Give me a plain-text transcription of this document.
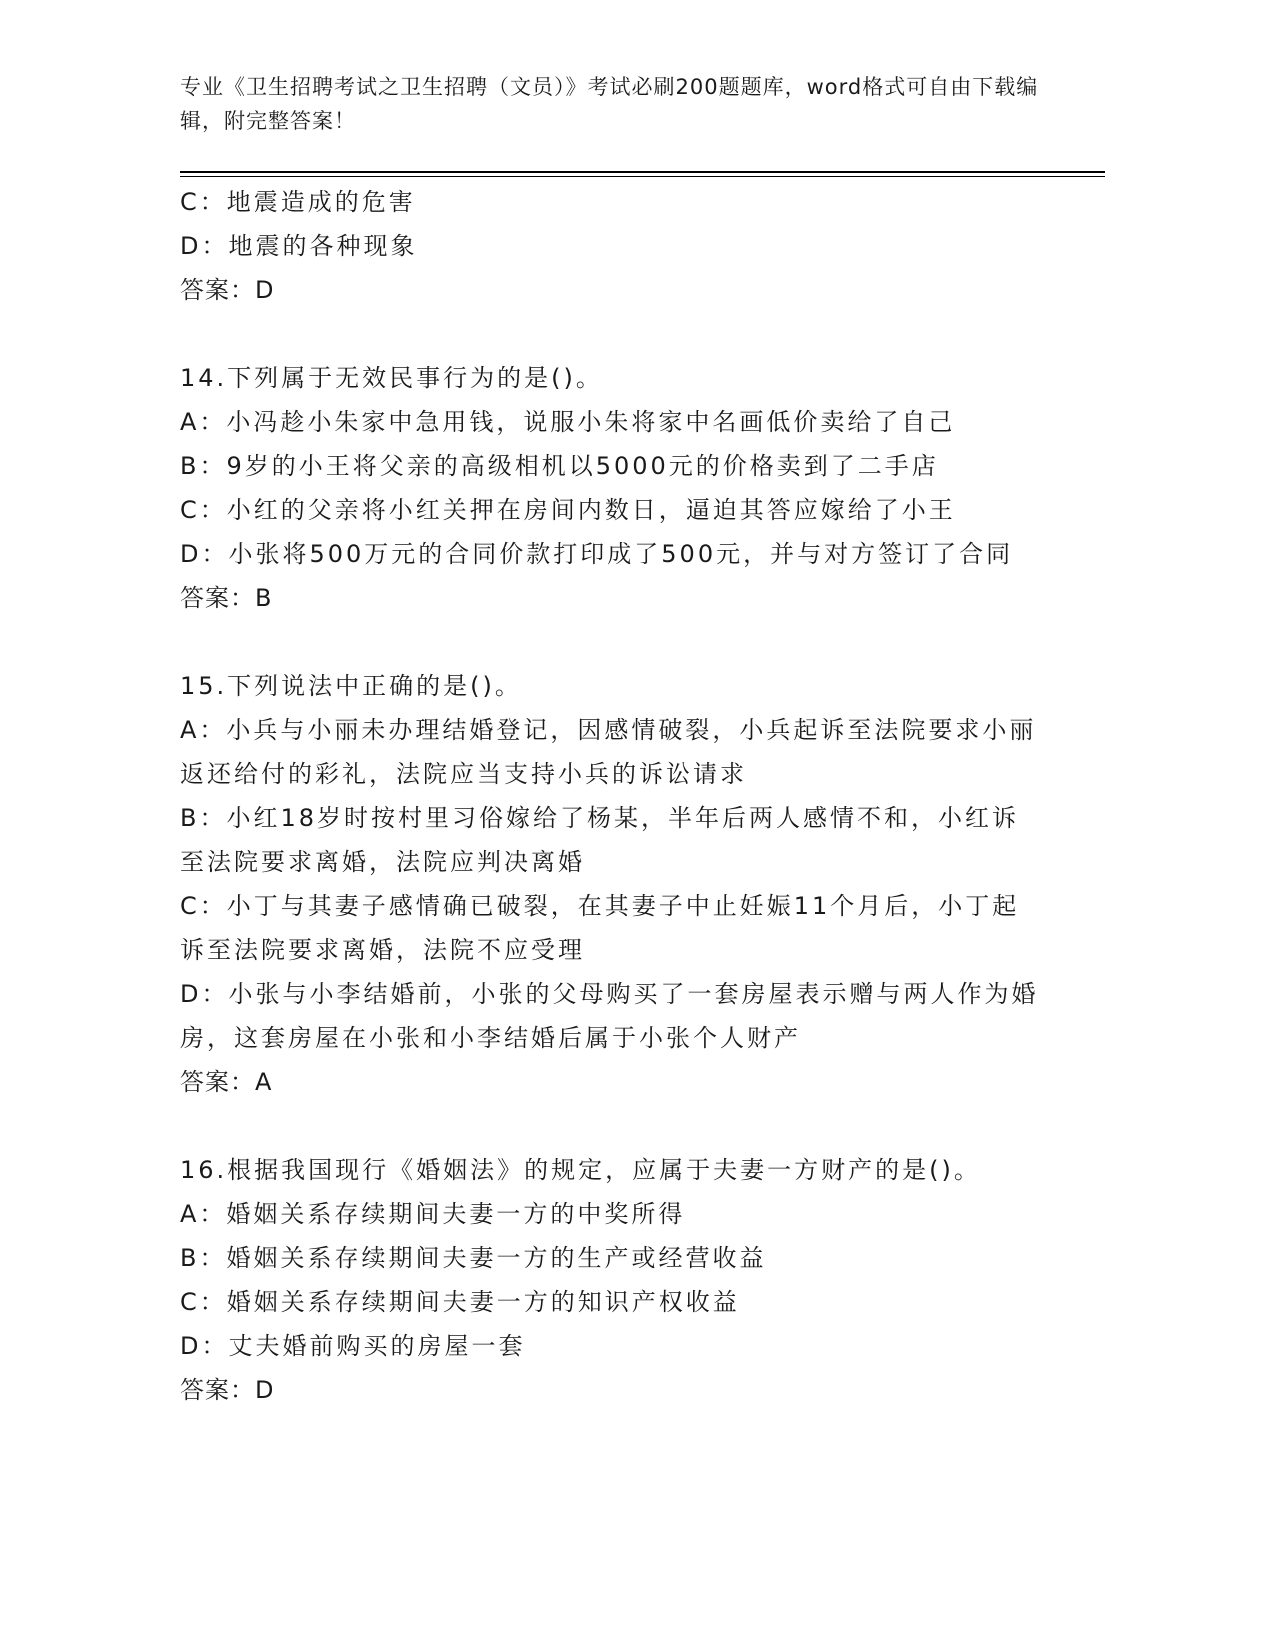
专业《卫生招聘考试之卫生招聘（文员）》考试必刷200题题库，word格式可自由下载编辑，附完整答案！
C：地震造成的危害
D：地震的各种现象
答案：D
14.下列属于无效民事行为的是()。
A：小冯趁小朱家中急用钱，说服小朱将家中名画低价卖给了自己
B：9岁的小王将父亲的高级相机以5000元的价格卖到了二手店
C：小红的父亲将小红关押在房间内数日，逼迫其答应嫁给了小王
D：小张将500万元的合同价款打印成了500元，并与对方签订了合同
答案：B
15.下列说法中正确的是()。
A：小兵与小丽未办理结婚登记，因感情破裂，小兵起诉至法院要求小丽返还给付的彩礼，法院应当支持小兵的诉讼请求
B：小红18岁时按村里习俗嫁给了杨某，半年后两人感情不和，小红诉至法院要求离婚，法院应判决离婚
C：小丁与其妻子感情确已破裂，在其妻子中止妊娠11个月后，小丁起诉至法院要求离婚，法院不应受理
D：小张与小李结婚前，小张的父母购买了一套房屋表示赠与两人作为婚房，这套房屋在小张和小李结婚后属于小张个人财产
答案：A
16.根据我国现行《婚姻法》的规定，应属于夫妻一方财产的是()。
A：婚姻关系存续期间夫妻一方的中奖所得
B：婚姻关系存续期间夫妻一方的生产或经营收益
C：婚姻关系存续期间夫妻一方的知识产权收益
D：丈夫婚前购买的房屋一套
答案：D
